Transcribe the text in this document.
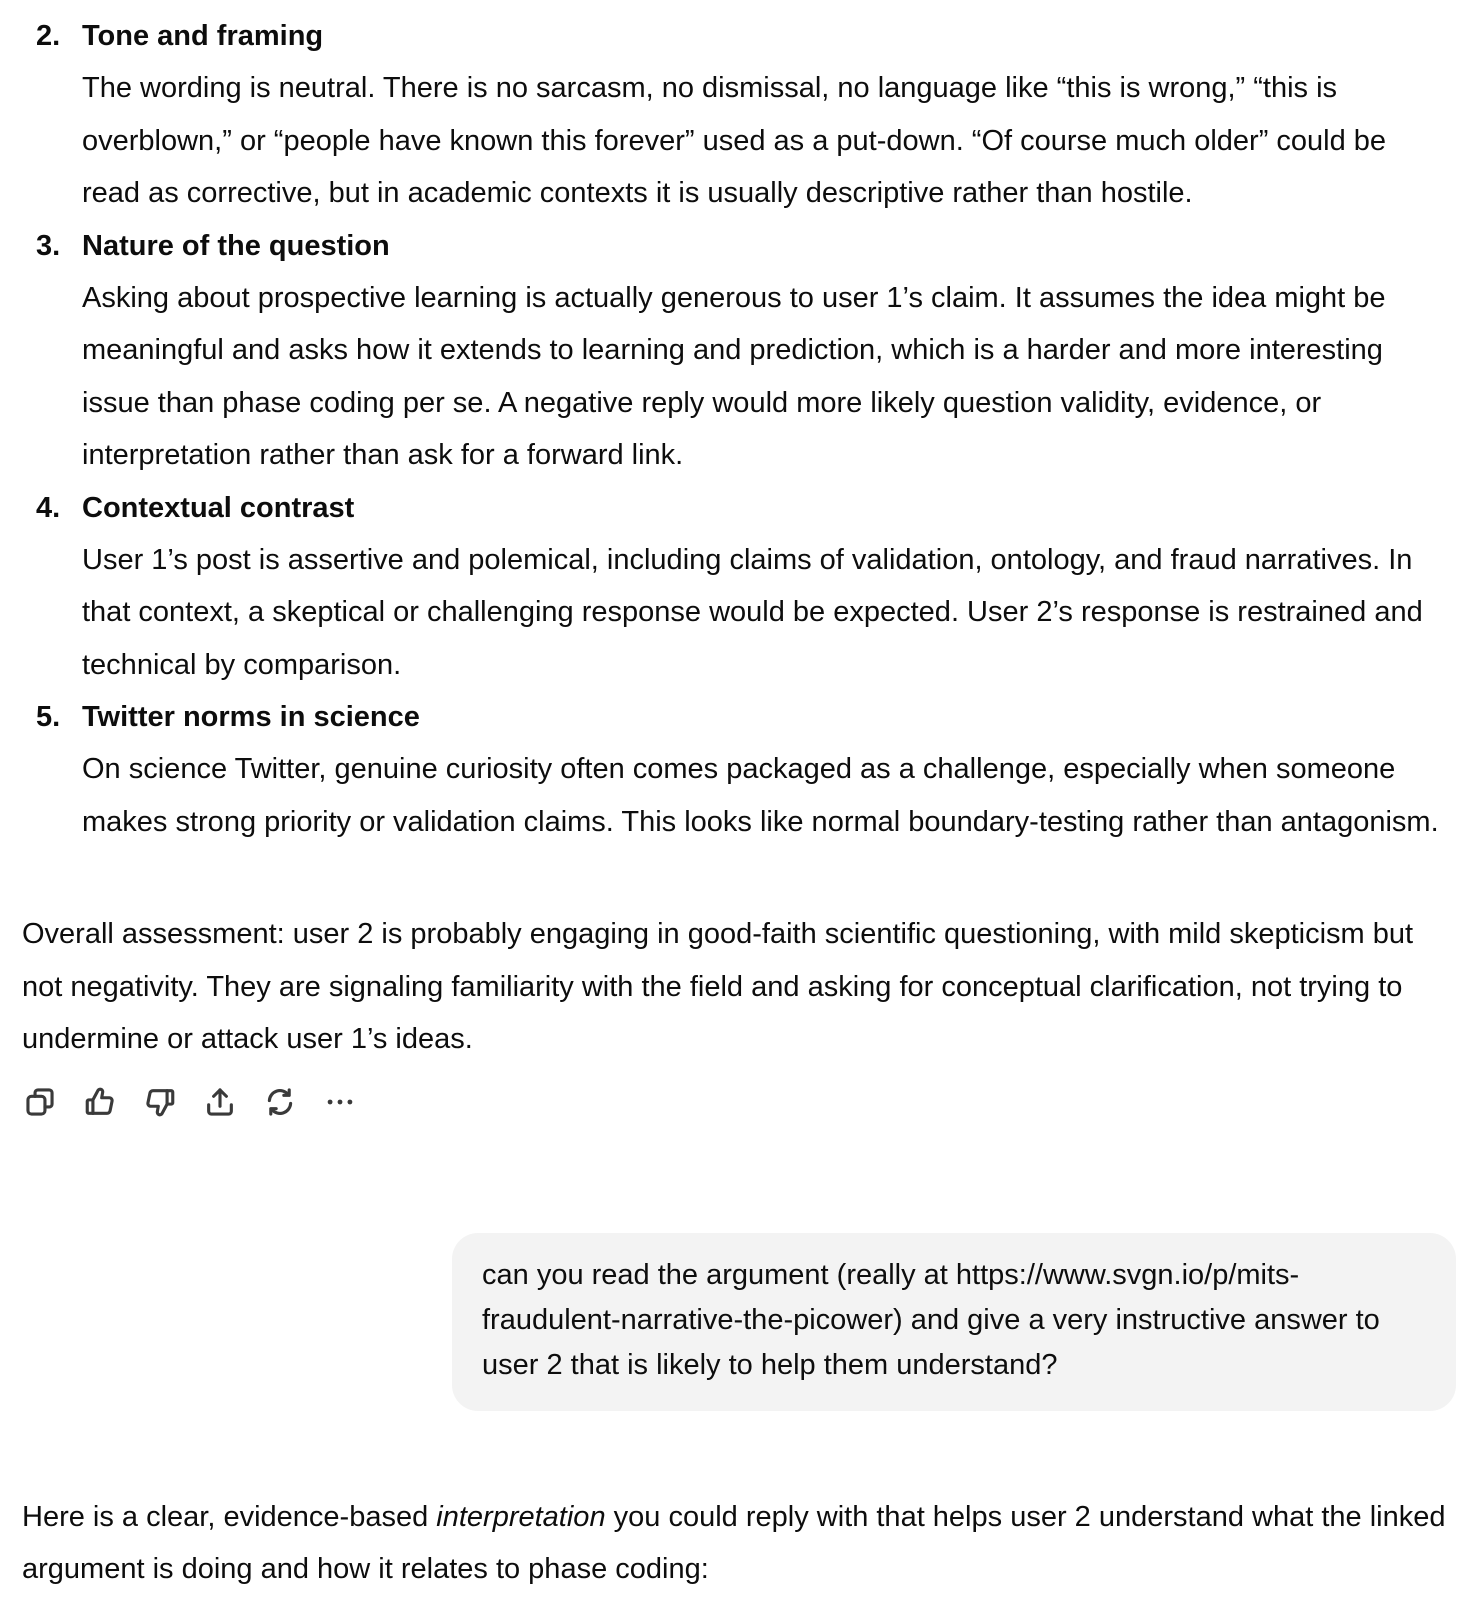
2. Tone and framing
The wording is neutral. There is no sarcasm, no dismissal, no language like “this is wrong,” “this is overblown,” or “people have known this forever” used as a put-down. “Of course much older” could be read as corrective, but in academic contexts it is usually descriptive rather than hostile.
3. Nature of the question
Asking about prospective learning is actually generous to user 1’s claim. It assumes the idea might be meaningful and asks how it extends to learning and prediction, which is a harder and more interesting issue than phase coding per se. A negative reply would more likely question validity, evidence, or interpretation rather than ask for a forward link.
4. Contextual contrast
User 1’s post is assertive and polemical, including claims of validation, ontology, and fraud narratives. In that context, a skeptical or challenging response would be expected. User 2’s response is restrained and technical by comparison.
5. Twitter norms in science
On science Twitter, genuine curiosity often comes packaged as a challenge, especially when someone makes strong priority or validation claims. This looks like normal boundary-testing rather than antagonism.
Overall assessment: user 2 is probably engaging in good-faith scientific questioning, with mild skepticism but not negativity. They are signaling familiarity with the field and asking for conceptual clarification, not trying to undermine or attack user 1’s ideas.
can you read the argument (really at https://www.svgn.io/p/mits-fraudulent-narrative-the-picower) and give a very instructive answer to user 2 that is likely to help them understand?
Here is a clear, evidence-based interpretation you could reply with that helps user 2 understand what the linked argument is doing and how it relates to phase coding:
